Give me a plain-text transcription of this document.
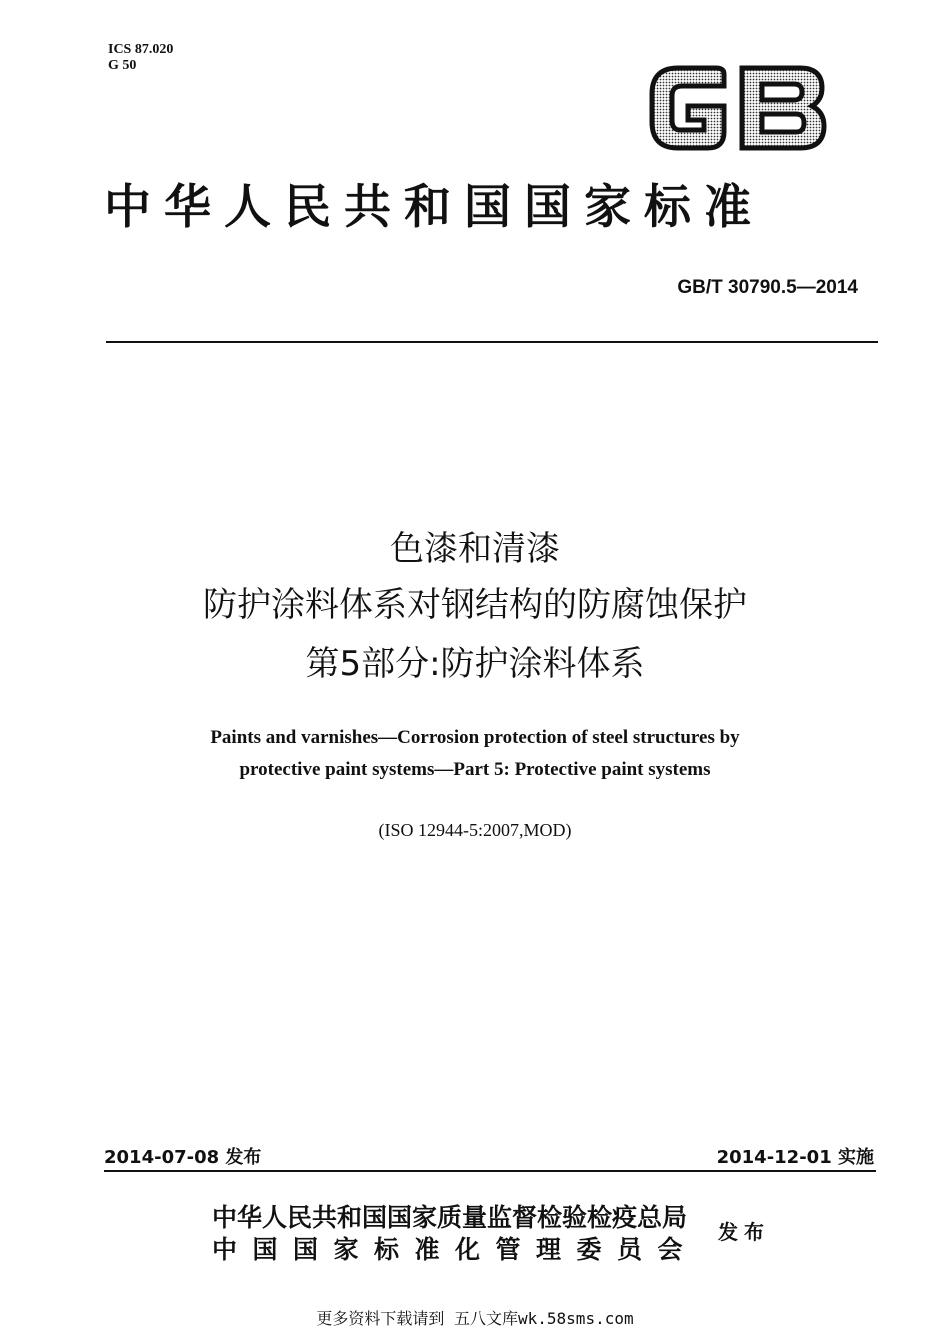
ICS 87.020
G 50
中华人民共和国国家标准
GB/T 30790.5—2014
色漆和清漆
防护涂料体系对钢结构的防腐蚀保护
第5部分:防护涂料体系
Paints and varnishes—Corrosion protection of steel structures by
protective paint systems—Part 5: Protective paint systems
(ISO 12944-5:2007,MOD)
2014-07-08 发布	2014-12-01 实施
中华人民共和国国家质量监督检验检疫总局
中国国家标准化管理委员会
发布
更多资料下载请到 五八文库wk.58sms.com
